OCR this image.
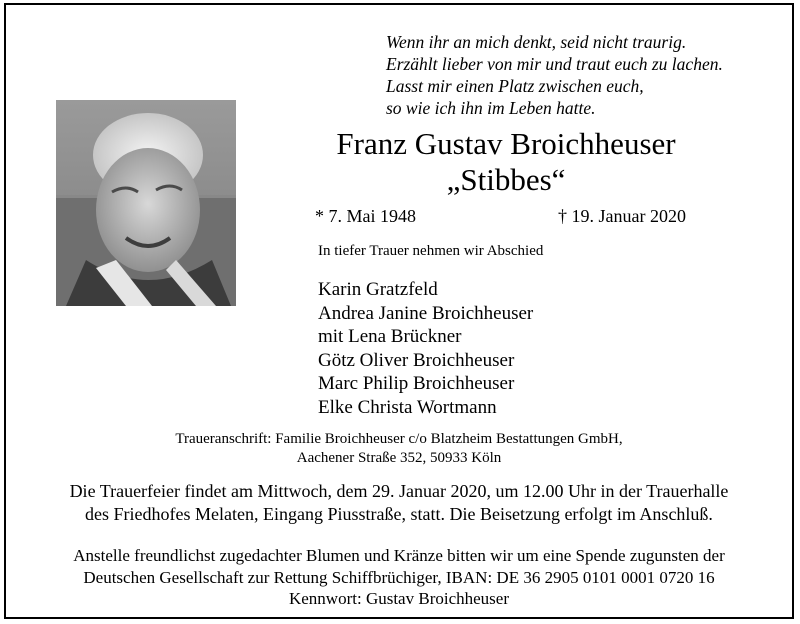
Wenn ihr an mich denkt, seid nicht traurig.
Erzählt lieber von mir und traut euch zu lachen.
Lasst mir einen Platz zwischen euch,
so wie ich ihn im Leben hatte.
Franz Gustav Broichheuser
„Stibbes“
* 7. Mai 1948	† 19. Januar 2020
In tiefer Trauer nehmen wir Abschied
Karin Gratzfeld
Andrea Janine Broichheuser
mit Lena Brückner
Götz Oliver Broichheuser
Marc Philip Broichheuser
Elke Christa Wortmann
Traueranschrift: Familie Broichheuser c/o Blatzheim Bestattungen GmbH,
Aachener Straße 352, 50933 Köln
Die Trauerfeier findet am Mittwoch, dem 29. Januar 2020, um 12.00 Uhr in der Trauerhalle
des Friedhofes Melaten, Eingang Piusstraße, statt. Die Beisetzung erfolgt im Anschluß.
Anstelle freundlichst zugedachter Blumen und Kränze bitten wir um eine Spende zugunsten der
Deutschen Gesellschaft zur Rettung Schiffbrüchiger, IBAN: DE 36 2905 0101 0001 0720 16
Kennwort: Gustav Broichheuser
